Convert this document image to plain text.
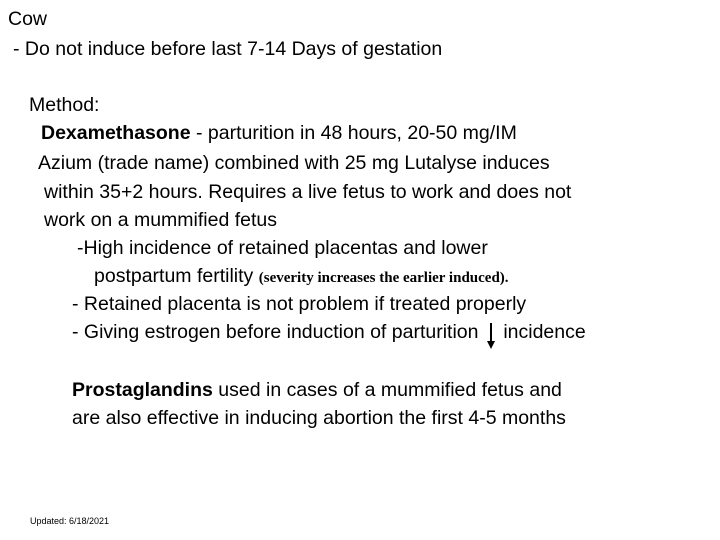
Cow
- Do not induce before last 7-14 Days of gestation
Method:
Dexamethasone - parturition in 48 hours, 20-50 mg/IM
Azium (trade name) combined with 25 mg Lutalyse induces
within 35+2 hours. Requires a live fetus to work and does not
work on a mummified fetus
-High incidence of retained placentas and lower
postpartum fertility (severity increases the earlier induced).
- Retained placenta is not problem if treated properly
- Giving estrogen before induction of parturition
incidence
Prostaglandins used in cases of a mummified fetus and
are also effective in inducing abortion the first 4-5 months
Updated: 6/18/2021
